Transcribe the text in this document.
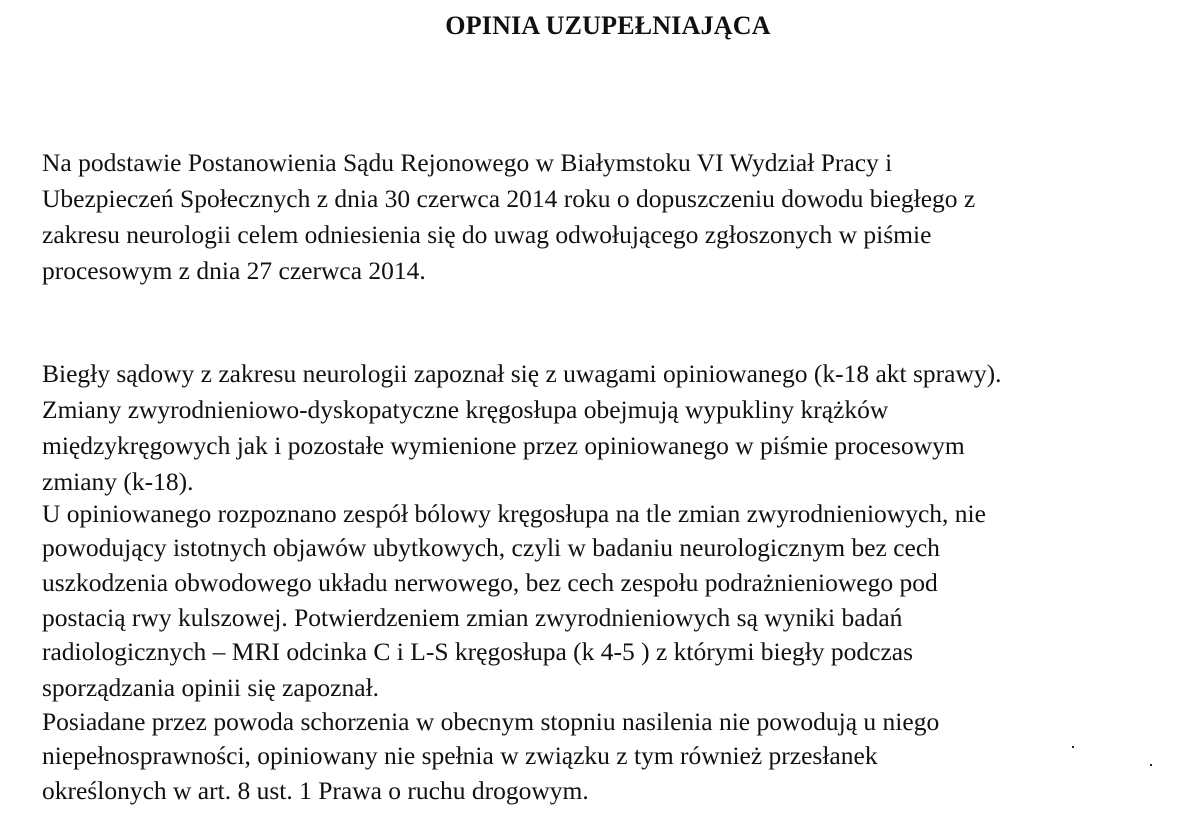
OPINIA UZUPEŁNIAJĄCA
Na podstawie Postanowienia Sądu Rejonowego w Białymstoku VI Wydział Pracy i
Ubezpieczeń Społecznych z dnia 30 czerwca 2014 roku o dopuszczeniu dowodu biegłego z
zakresu neurologii celem odniesienia się do uwag odwołującego zgłoszonych w piśmie
procesowym z dnia 27 czerwca 2014.
Biegły sądowy z zakresu neurologii zapoznał się z uwagami opiniowanego (k-18 akt sprawy).
Zmiany zwyrodnieniowo-dyskopatyczne kręgosłupa obejmują wypukliny krążków
międzykręgowych jak i pozostałe wymienione przez opiniowanego w piśmie procesowym
zmiany (k-18).
U opiniowanego rozpoznano zespół bólowy kręgosłupa na tle zmian zwyrodnieniowych, nie
powodujący istotnych objawów ubytkowych, czyli w badaniu neurologicznym bez cech
uszkodzenia obwodowego układu nerwowego, bez cech zespołu podrażnieniowego pod
postacią rwy kulszowej. Potwierdzeniem zmian zwyrodnieniowych są wyniki badań
radiologicznych – MRI odcinka C i L-S kręgosłupa (k 4-5 ) z którymi biegły podczas
sporządzania opinii się zapoznał.
Posiadane przez powoda schorzenia w obecnym stopniu nasilenia nie powodują u niego
niepełnosprawności, opiniowany nie spełnia w związku z tym również przesłanek
określonych w art. 8 ust. 1 Prawa o ruchu drogowym.
